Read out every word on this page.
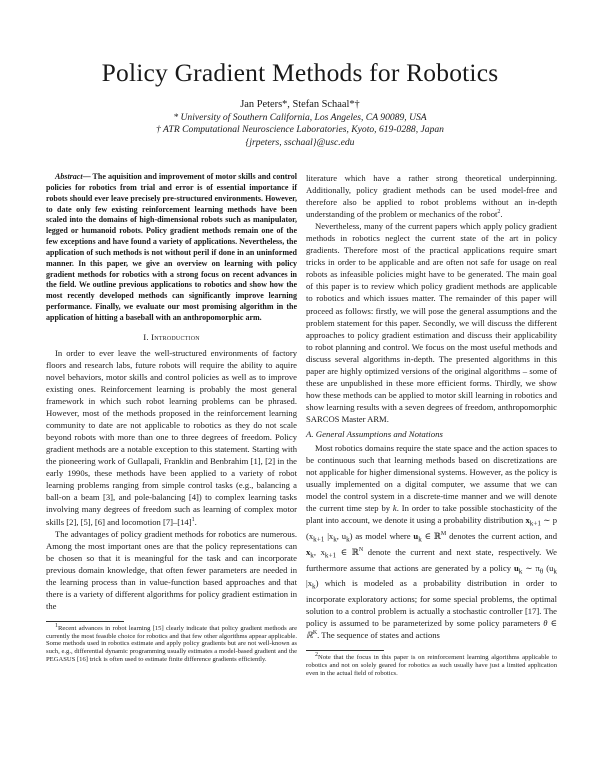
Policy Gradient Methods for Robotics
Jan Peters*, Stefan Schaal*†
* University of Southern California, Los Angeles, CA 90089, USA
† ATR Computational Neuroscience Laboratories, Kyoto, 619-0288, Japan
{jrpeters, sschaal}@usc.edu

Abstract— The aquisition and improvement of motor skills and control policies for robotics from trial and error is of essential importance if robots should ever leave precisely pre-structured environments. However, to date only few existing reinforcement learning methods have been scaled into the domains of high-dimensional robots such as manipulator, legged or humanoid robots. Policy gradient methods remain one of the few exceptions and have found a variety of applications. Nevertheless, the application of such methods is not without peril if done in an uninformed manner. In this paper, we give an overview on learning with policy gradient methods for robotics with a strong focus on recent advances in the field. We outline previous applications to robotics and show how the most recently developed methods can significantly improve learning performance. Finally, we evaluate our most promising algorithm in the application of hitting a baseball with an anthropomorphic arm.

I. Introduction

In order to ever leave the well-structured environments of factory floors and research labs, future robots will require the ability to aquire novel behaviors, motor skills and control policies as well as to improve existing ones. Reinforcement learning is probably the most general framework in which such robot learning problems can be phrased. However, most of the methods proposed in the reinforcement learning community to date are not applicable to robotics as they do not scale beyond robots with more than one to three degrees of freedom. Policy gradient methods are a notable exception to this statement. Starting with the pioneering work of Gullapali, Franklin and Benbrahim [1], [2] in the early 1990s, these methods have been applied to a variety of robot learning problems ranging from simple control tasks (e.g., balancing a ball-on a beam [3], and pole-balancing [4]) to complex learning tasks involving many degrees of freedom such as learning of complex motor skills [2], [5], [6] and locomotion $[7]-[14]^1$.

The advantages of policy gradient methods for robotics are numerous. Among the most important ones are that the policy representations can be chosen so that it is meaningful for the task and can incorporate previous domain knowledge, that often fewer parameters are needed in the learning process than in value-function based approaches and that there is a variety of different algorithms for policy gradient estimation in the

$^1$Recent advances in robot learning [15] clearly indicate that policy gradient methods are currently the most feasible choice for robotics and that few other algorithms appear applicable. Some methods used in robotics estimate and apply policy gradients but are not well-known as such, e.g., differential dynamic programming usually estimates a model-based gradient and the PEGASUS [16] trick is often used to estimate finite difference gradients efficiently.

literature which have a rather strong theoretical underpinning. Additionally, policy gradient methods can be used model-free and therefore also be applied to robot problems without an in-depth understanding of the problem or mechanics of the robot$^2$.

Nevertheless, many of the current papers which apply policy gradient methods in robotics neglect the current state of the art in policy gradients. Therefore most of the practical applications require smart tricks in order to be applicable and are often not safe for usage on real robots as infeasible policies might have to be generated. The main goal of this paper is to review which policy gradient methods are applicable to robotics and which issues matter. The remainder of this paper will proceed as follows: firstly, we will pose the general assumptions and the problem statement for this paper. Secondly, we will discuss the different approaches to policy gradient estimation and discuss their applicability to robot planning and control. We focus on the most useful methods and discuss several algorithms in-depth. The presented algorithms in this paper are highly optimized versions of the original algorithms – some of these are unpublished in these more efficient forms. Thirdly, we show how these methods can be applied to motor skill learning in robotics and show learning results with a seven degrees of freedom, anthropomorphic SARCOS Master ARM.

A. General Assumptions and Notations

Most robotics domains require the state space and the action spaces to be continuous such that learning methods based on discretizations are not applicable for higher dimensional systems. However, as the policy is usually implemented on a digital computer, we assume that we can model the control system in a discrete-time manner and we will denote the current time step by k. In order to take possible stochasticity of the plant into account, we denote it using a probability distribution $x_{k+1}$ ∼ p ($x_{k+1}$ $|x_k$, $u_k$) as model where $u_k$ ∈ ℝ$^M$ denotes the current action, and $x_k$, $x_{k+1}$ ∈ ℝ$^N$ denote the current and next state, respectively. We furthermore assume that actions are generated by a policy $u_k$ ∼ $\pi_\theta$ ($u_k$ $|x_k$) which is modeled as a probability distribution in order to incorporate exploratory actions; for some special problems, the optimal solution to a control problem is actually a stochastic controller [17]. The policy is assumed to be parameterized by some policy parameters θ ∈ ℝ$^K$. The sequence of states and actions

$^2$Note that the focus in this paper is on reinforcement learning algorithms applicable to robotics and not on solely geared for robotics as such usually have just a limited application even in the actual field of robotics.
